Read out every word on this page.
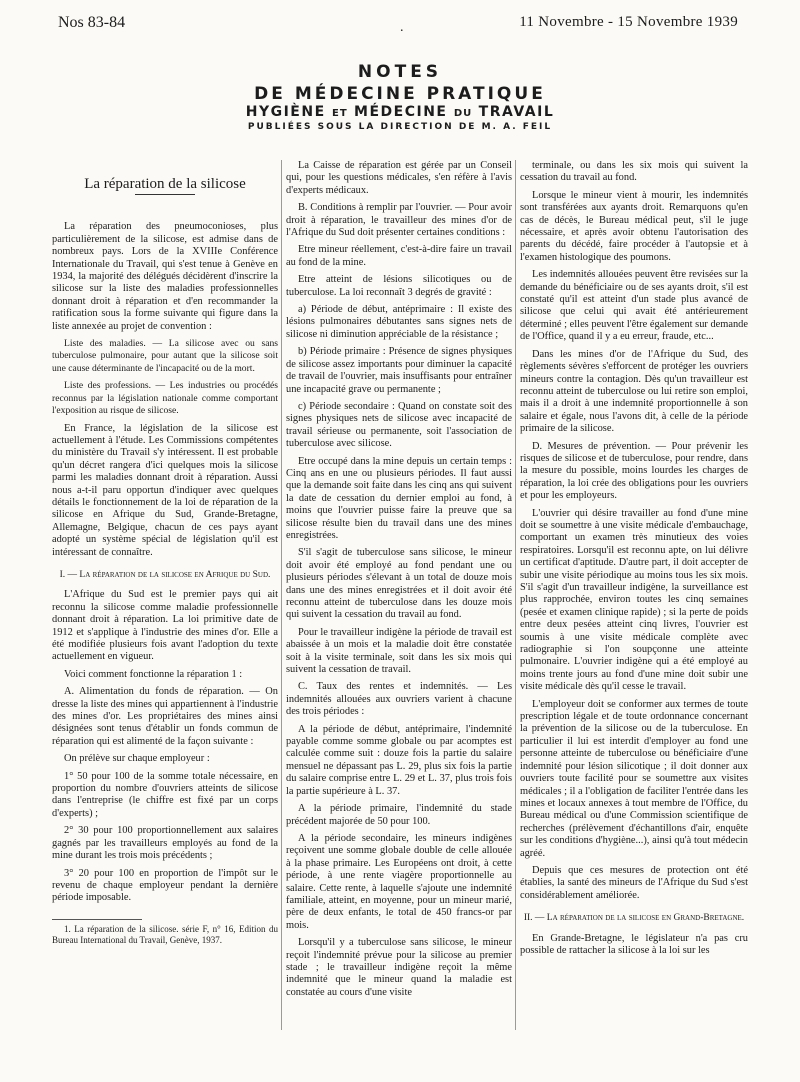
Nos 83-84	.	11 Novembre - 15 Novembre 1939
NOTES
DE MÉDECINE PRATIQUE
HYGIÈNE ET MÉDECINE DU TRAVAIL
PUBLIÉES SOUS LA DIRECTION DE M. A. FEIL
La réparation de la silicose

La réparation des pneumoconioses, plus particulièrement de la silicose, est admise dans de nombreux pays. Lors de la XVIIIe Conférence Internationale du Travail, qui s'est tenue à Genève en 1934, la majorité des délégués décidèrent d'inscrire la silicose sur la liste des maladies professionnelles donnant droit à réparation et d'en recommander la ratification sous la forme suivante qui figure dans la liste annexée au projet de convention :

Liste des maladies. — La silicose avec ou sans tuberculose pulmonaire, pour autant que la silicose soit une cause déterminante de l'incapacité ou de la mort.

Liste des professions. — Les industries ou procédés reconnus par la législation nationale comme comportant l'exposition au risque de silicose.

En France, la législation de la silicose est actuellement à l'étude. Les Commissions compétentes du ministère du Travail s'y intéressent. Il est probable qu'un décret rangera d'ici quelques mois la silicose parmi les maladies donnant droit à réparation. Aussi nous a-t-il paru opportun d'indiquer avec quelques détails le fonctionnement de la loi de réparation de la silicose en Afrique du Sud, Grande-Bretagne, Allemagne, Belgique, chacun de ces pays ayant adopté un système spécial de législation qu'il est intéressant de connaître.

I. — La réparation de la silicose en Afrique du Sud.

L'Afrique du Sud est le premier pays qui ait reconnu la silicose comme maladie professionnelle donnant droit à réparation. La loi primitive date de 1912 et s'applique à l'industrie des mines d'or. Elle a été modifiée plusieurs fois avant l'adoption du texte actuellement en vigueur.

Voici comment fonctionne la réparation 1 :

A. Alimentation du fonds de réparation. — On dresse la liste des mines qui appartiennent à l'industrie des mines d'or. Les propriétaires des mines ainsi désignées sont tenus d'établir un fonds commun de réparation qui est alimenté de la façon suivante :

On prélève sur chaque employeur :

1° 50 pour 100 de la somme totale nécessaire, en proportion du nombre d'ouvriers atteints de silicose dans l'entreprise (le chiffre est fixé par un corps d'experts) ;

2° 30 pour 100 proportionnellement aux salaires gagnés par les travailleurs employés au fond de la mine durant les trois mois précédents ;

3° 20 pour 100 en proportion de l'impôt sur le revenu de chaque employeur pendant la dernière période imposable.

1. La réparation de la silicose. série F, n° 16, Edition du Bureau International du Travail, Genève, 1937.

La Caisse de réparation est gérée par un Conseil qui, pour les questions médicales, s'en réfère à l'avis d'experts médicaux.

B. Conditions à remplir par l'ouvrier. — Pour avoir droit à réparation, le travailleur des mines d'or de l'Afrique du Sud doit présenter certaines conditions :

Etre mineur réellement, c'est-à-dire faire un travail au fond de la mine.

Etre atteint de lésions silicotiques ou de tuberculose. La loi reconnaît 3 degrés de gravité :

a) Période de début, antéprimaire : Il existe des lésions pulmonaires débutantes sans signes nets de silicose ni diminution appréciable de la résistance ;

b) Période primaire : Présence de signes physiques de silicose assez importants pour diminuer la capacité de travail de l'ouvrier, mais insuffisants pour entraîner une incapacité grave ou permanente ;

c) Période secondaire : Quand on constate soit des signes physiques nets de silicose avec incapacité de travail sérieuse ou permanente, soit l'association de tuberculose avec silicose.

Etre occupé dans la mine depuis un certain temps : Cinq ans en une ou plusieurs périodes. Il faut aussi que la demande soit faite dans les cinq ans qui suivent la date de cessation du dernier emploi au fond, à moins que l'ouvrier puisse faire la preuve que sa silicose résulte bien du travail dans une des mines enregistrées.

S'il s'agit de tuberculose sans silicose, le mineur doit avoir été employé au fond pendant une ou plusieurs périodes s'élevant à un total de douze mois dans une des mines enregistrées et il doit avoir été reconnu atteint de tuberculose dans les douze mois qui suivent la cessation du travail au fond.

Pour le travailleur indigène la période de travail est abaissée à un mois et la maladie doit être constatée soit à la visite terminale, soit dans les six mois qui suivent la cessation de travail.

C. Taux des rentes et indemnités. — Les indemnités allouées aux ouvriers varient à chacune des trois périodes :

A la période de début, antéprimaire, l'indemnité payable comme somme globale ou par acomptes est calculée comme suit : douze fois la partie du salaire mensuel ne dépassant pas L. 29, plus six fois la partie du salaire comprise entre L. 29 et L. 37, plus trois fois la partie supérieure à L. 37.

A la période primaire, l'indemnité du stade précédent majorée de 50 pour 100.

A la période secondaire, les mineurs indigènes reçoivent une somme globale double de celle allouée à la phase primaire. Les Européens ont droit, à cette période, à une rente viagère proportionnelle au salaire. Cette rente, à laquelle s'ajoute une indemnité familiale, atteint, en moyenne, pour un mineur marié, père de deux enfants, le total de 450 francs-or par mois.

Lorsqu'il y a tuberculose sans silicose, le mineur reçoit l'indemnité prévue pour la silicose au premier stade ; le travailleur indigène reçoit la même indemnité que le mineur quand la maladie est constatée au cours d'une visite

terminale, ou dans les six mois qui suivent la cessation du travail au fond.

Lorsque le mineur vient à mourir, les indemnités sont transférées aux ayants droit. Remarquons qu'en cas de décès, le Bureau médical peut, s'il le juge nécessaire, et après avoir obtenu l'autorisation des parents du décédé, faire procéder à l'autopsie et à l'examen histologique des poumons.

Les indemnités allouées peuvent être revisées sur la demande du bénéficiaire ou de ses ayants droit, s'il est constaté qu'il est atteint d'un stade plus avancé de silicose que celui qui avait été antérieurement déterminé ; elles peuvent l'être également sur demande de l'Office, quand il y a eu erreur, fraude, etc...

Dans les mines d'or de l'Afrique du Sud, des règlements sévères s'efforcent de protéger les ouvriers mineurs contre la contagion. Dès qu'un travailleur est reconnu atteint de tuberculose ou lui retire son emploi, mais il a droit à une indemnité proportionnelle à son salaire et égale, nous l'avons dit, à celle de la période primaire de la silicose.

D. Mesures de prévention. — Pour prévenir les risques de silicose et de tuberculose, pour rendre, dans la mesure du possible, moins lourdes les charges de réparation, la loi crée des obligations pour les ouvriers et pour les employeurs.

L'ouvrier qui désire travailler au fond d'une mine doit se soumettre à une visite médicale d'embauchage, comportant un examen très minutieux des voies respiratoires. Lorsqu'il est reconnu apte, on lui délivre un certificat d'aptitude. D'autre part, il doit accepter de subir une visite périodique au moins tous les six mois. S'il s'agit d'un travailleur indigène, la surveillance est plus rapprochée, environ toutes les cinq semaines (pesée et examen clinique rapide) ; si la perte de poids entre deux pesées atteint cinq livres, l'ouvrier est soumis à une visite médicale complète avec radiographie si l'on soupçonne une atteinte pulmonaire. L'ouvrier indigène qui a été employé au moins trente jours au fond d'une mine doit subir une visite médicale dès qu'il cesse le travail.

L'employeur doit se conformer aux termes de toute prescription légale et de toute ordonnance concernant la prévention de la silicose ou de la tuberculose. En particulier il lui est interdit d'employer au fond une personne atteinte de tuberculose ou bénéficiaire d'une indemnité pour lésion silicotique ; il doit donner aux ouvriers toute facilité pour se soumettre aux visites médicales ; il a l'obligation de faciliter l'entrée dans les mines et locaux annexes à tout membre de l'Office, du Bureau médical ou d'une Commission scientifique de recherches (prélèvement d'échantillons d'air, enquête sur les conditions d'hygiène...), ainsi qu'à tout médecin agréé.

Depuis que ces mesures de protection ont été établies, la santé des mineurs de l'Afrique du Sud s'est considérablement améliorée.

II. — La réparation de la silicose en Grand-Bretagne.

En Grande-Bretagne, le législateur n'a pas cru possible de rattacher la silicose à la loi sur les
